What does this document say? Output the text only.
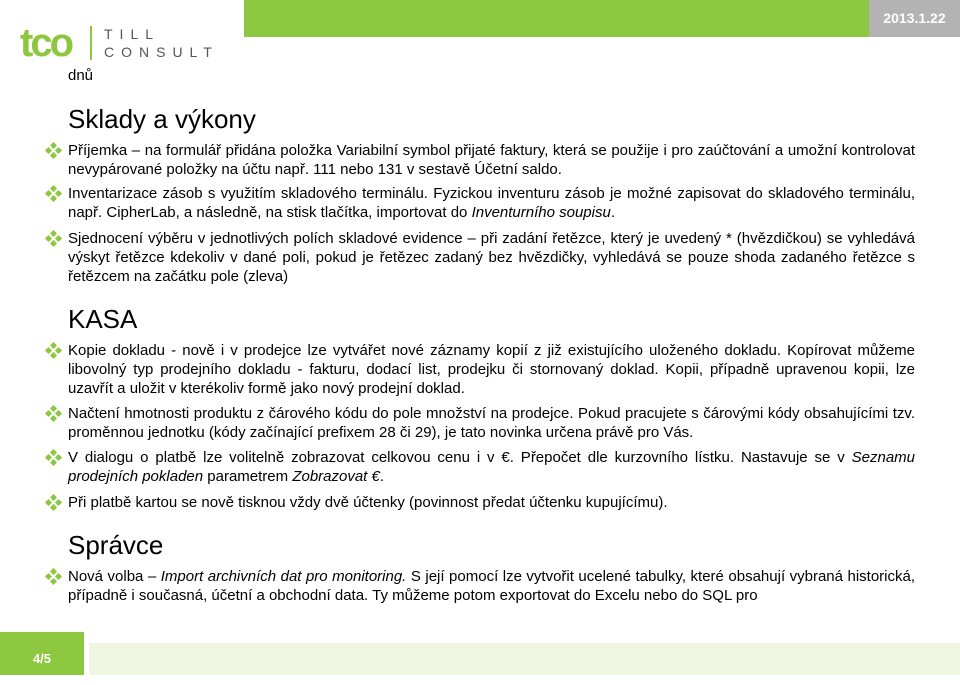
2013.1.22
tco TILL
CONSULT
dnů
Sklady a výkony
Příjemka – na formulář přidána položka Variabilní symbol přijaté faktury, která se použije i pro zaúčtování a umožní kontrolovat nevypárované položky na účtu např. 111 nebo 131 v sestavě Účetní saldo.
Inventarizace zásob s využitím skladového terminálu. Fyzickou inventuru zásob je možné zapisovat do skladového terminálu, např. CipherLab, a následně, na stisk tlačítka, importovat do Inventurního soupisu.
Sjednocení výběru v jednotlivých polích skladové evidence – při zadání řetězce, který je uvedený * (hvězdičkou) se vyhledává výskyt řetězce kdekoliv v dané poli, pokud je řetězec zadaný bez hvězdičky, vyhledává se pouze shoda zadaného řetězce s řetězcem na začátku pole (zleva)
KASA
Kopie dokladu - nově i v prodejce lze vytvářet nové záznamy kopií z již existujícího uloženého dokladu. Kopírovat můžeme libovolný typ prodejního dokladu - fakturu, dodací list, prodejku či stornovaný doklad. Kopii, případně upravenou kopii, lze uzavřít a uložit v kterékoliv formě jako nový prodejní doklad.
Načtení hmotnosti produktu z čárového kódu do pole množství na prodejce. Pokud pracujete s čárovými kódy obsahujícími tzv. proměnnou jednotku (kódy začínající prefixem 28 či 29), je tato novinka určena právě pro Vás.
V dialogu o platbě lze volitelně zobrazovat celkovou cenu i v €. Přepočet dle kurzovního lístku. Nastavuje se v Seznamu prodejních pokladen parametrem Zobrazovat €.
Při platbě kartou se nově tisknou vždy dvě účtenky (povinnost předat účtenku kupujícímu).
Správce
Nová volba – Import archivních dat pro monitoring. S její pomocí lze vytvořit ucelené tabulky, které obsahují vybraná historická, případně i současná, účetní a obchodní data. Ty můžeme potom exportovat do Excelu nebo do SQL pro
4/5
